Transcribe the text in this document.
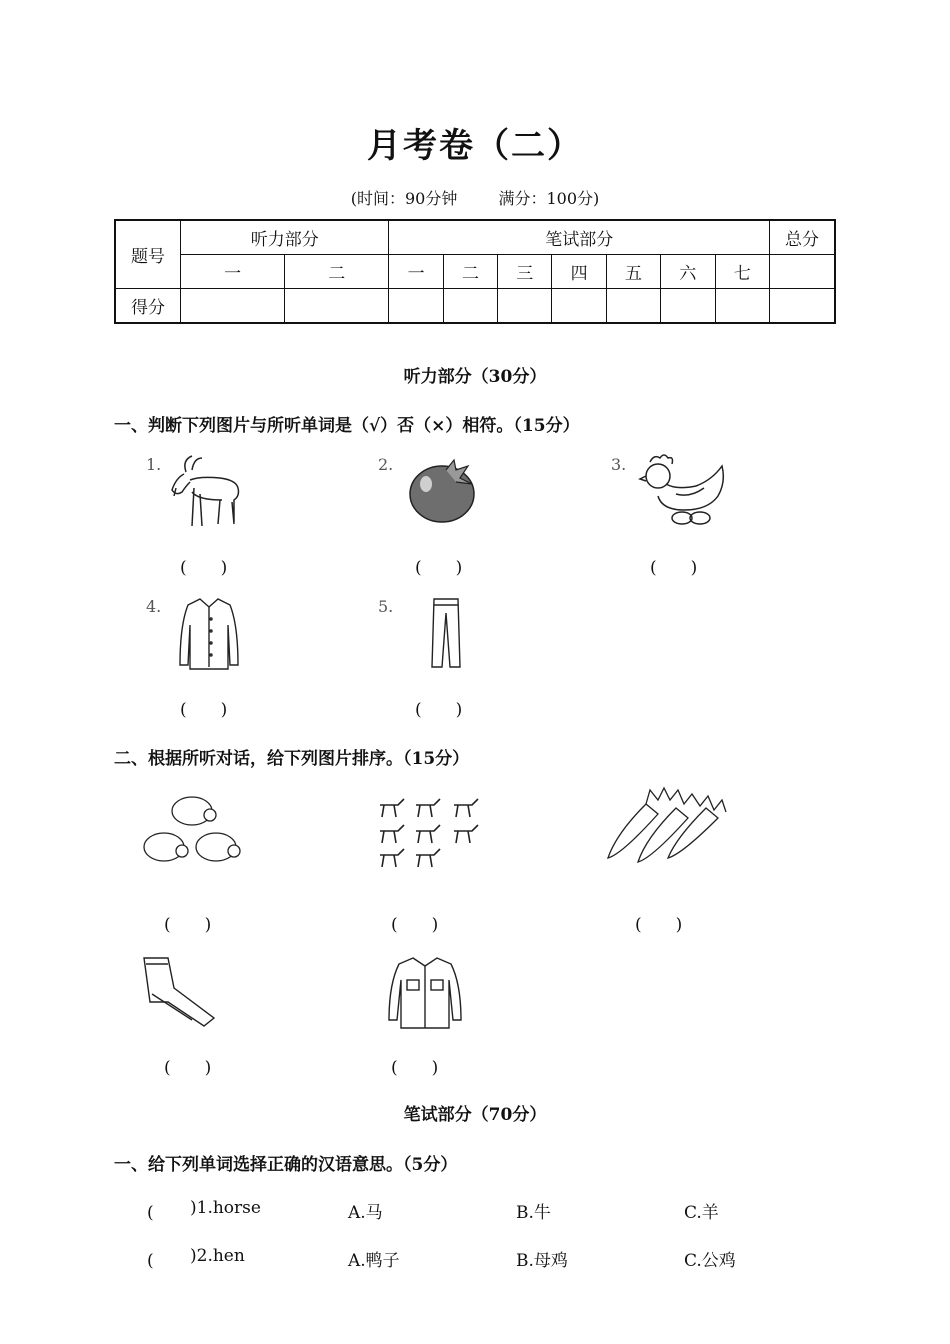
月考卷（二）
(时间：90分钟	满分：100分)
题号	听力部分		笔试部分							总分
	一	二	一	二	三	四	五	六	七	
得分										
听力部分（30分）
一、判断下列图片与所听单词是（√）否（×）相符。（15分）
1.
(　　)
2.
(　　)
3.
(　　)
4.
(　　)
5.
(　　)
二、根据所听对话，给下列图片排序。（15分）
(　　)	(　　)	(　　)
(　　)	(　　)
笔试部分（70分）
一、给下列单词选择正确的汉语意思。（5分）
(　　 )1.horse	A.马	B.牛	C.羊
(　　 )2.hen	A.鸭子	B.母鸡	C.公鸡
